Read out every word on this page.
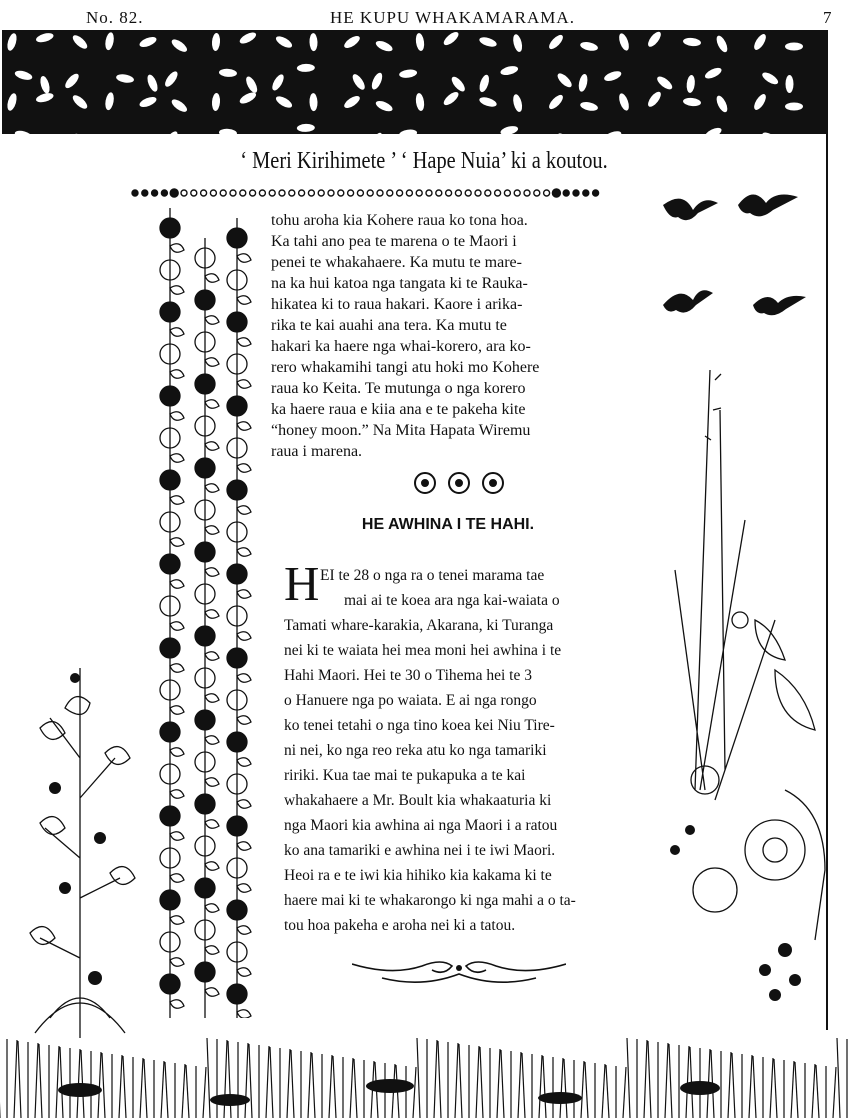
No. 82.	HE KUPU WHAKAMARAMA.	7
‘ Meri Kirihimete ’ ‘ Hape Nuia’ ki a koutou.
tohu aroha kia Kohere raua ko tona hoa.
Ka tahi ano pea te marena o te Maori i
penei te whakahaere. Ka mutu te mare-
na ka hui katoa nga tangata ki te Rauka-
hikatea ki to raua hakari. Kaore i arika-
rika te kai auahi ana tera. Ka mutu te
hakari ka haere nga whai-korero, ara ko-
rero whakamihi tangi atu hoki mo Kohere
raua ko Keita. Te mutunga o nga korero
ka haere raua e kiia ana e te pakeha kite
“honey moon.” Na Mita Hapata Wiremu
raua i marena.
HE AWHINA I TE HAHI.
H EI te 28 o nga ra o tenei marama tae
mai ai te koea ara nga kai-waiata o
Tamati whare-karakia, Akarana, ki Turanga
nei ki te waiata hei mea moni hei awhina i te
Hahi Maori. Hei te 30 o Tihema hei te 3
o Hanuere nga po waiata. E ai nga rongo
ko tenei tetahi o nga tino koea kei Niu Tire-
ni nei, ko nga reo reka atu ko nga tamariki
ririki. Kua tae mai te pukapuka a te kai
whakahaere a Mr. Boult kia whakaaturia ki
nga Maori kia awhina ai nga Maori i a ratou
ko ana tamariki e awhina nei i te iwi Maori.
Heoi ra e te iwi kia hihiko kia kakama ki te
haere mai ki te whakarongo ki nga mahi a o ta-
tou hoa pakeha e aroha nei ki a tatou.
